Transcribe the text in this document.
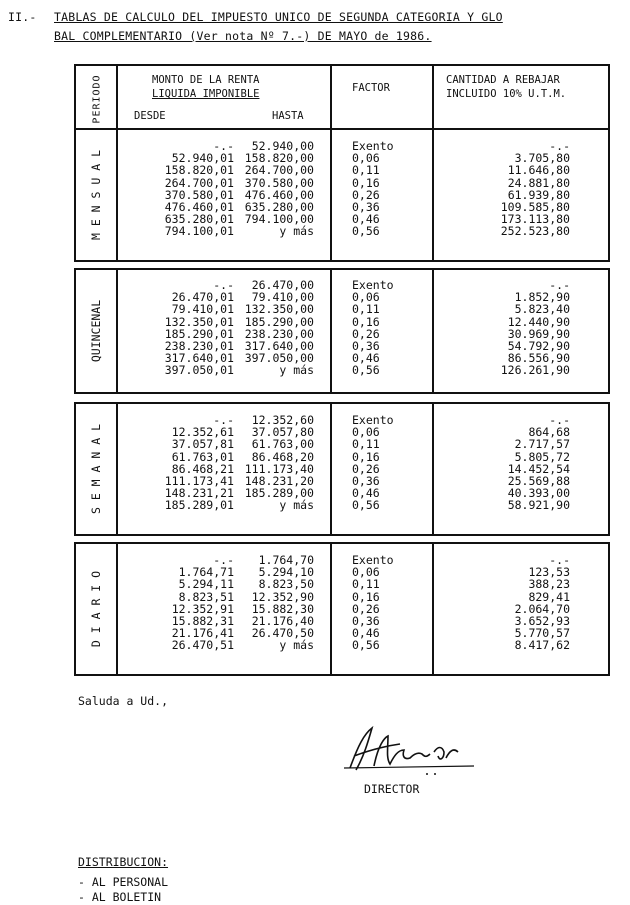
II.- TABLAS DE CALCULO DEL IMPUESTO UNICO DE SEGUNDA CATEGORIA Y GLO
BAL COMPLEMENTARIO (Ver nota Nº 7.-) DE MAYO de 1986.
PERIODO	MONTO DE LA RENTA
LIQUIDA IMPONIBLE
DESDE	HASTA
FACTOR
CANTIDAD A REBAJAR
INCLUIDO 10% U.T.M.
M E N S U A L
-.- 52.940,00	Exento	-.-
52.940,01 158.820,00	0,06	3.705,80
158.820,01 264.700,00	0,11	11.646,80
264.700,01 370.580,00	0,16	24.881,80
370.580,01 476.460,00	0,26	61.939,80
476.460,01 635.280,00	0,36	109.585,80
635.280,01 794.100,00	0,46	173.113,80
794.100,01	y más	0,56	252.523,80
QUINCENAL
-.- 26.470,00	Exento	-.-
26.470,01 79.410,00	0,06	1.852,90
79.410,01 132.350,00	0,11	5.823,40
132.350,01 185.290,00	0,16	12.440,90
185.290,01 238.230,00	0,26	30.969,90
238.230,01 317.640,00	0,36	54.792,90
317.640,01 397.050,00	0,46	86.556,90
397.050,01	y más	0,56	126.261,90
S E M A N A L
-.- 12.352,60	Exento	-.-
12.352,61 37.057,80	0,06	864,68
37.057,81 61.763,00	0,11	2.717,57
61.763,01 86.468,20	0,16	5.805,72
86.468,21 111.173,40	0,26	14.452,54
111.173,41 148.231,20	0,36	25.569,88
148.231,21 185.289,00	0,46	40.393,00
185.289,01	y más	0,56	58.921,90
D I A R I O
-.- 1.764,70	Exento	-.-
1.764,71 5.294,10	0,06	123,53
5.294,11 8.823,50	0,11	388,23
8.823,51 12.352,90	0,16	829,41
12.352,91 15.882,30	0,26	2.064,70
15.882,31 21.176,40	0,36	3.652,93
21.176,41 26.470,50	0,46	5.770,57
26.470,51	y más	0,56	8.417,62
Saluda a Ud.,
DIRECTOR
DISTRIBUCION:
- AL PERSONAL
- AL BOLETIN
